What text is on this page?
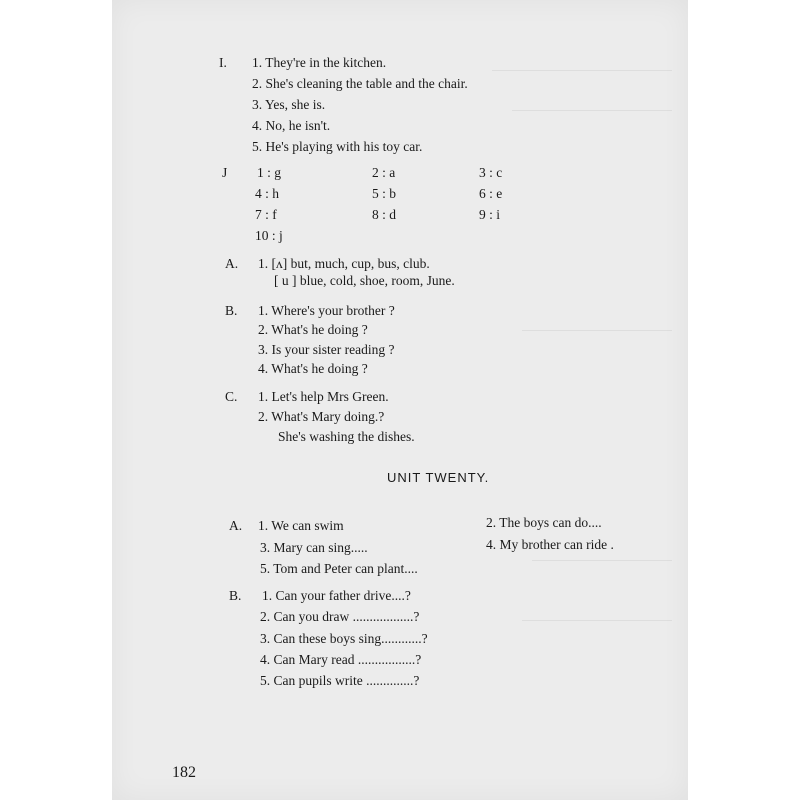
I. 1. They're in the kitchen.
2. She's cleaning the table and the chair.
3. Yes, she is.
4. No, he isn't.
5. He's playing with his toy car.
J 1 : g	2 : a	3 : c
4 : h	5 : b	6 : e
7 : f	8 : d	9 : i
10 : j
A. 1. [ʌ] but, much, cup, bus, club.
[ u ] blue, cold, shoe, room, June.
B. 1. Where's your brother ?
2. What's he doing ?
3. Is your sister reading ?
4. What's he doing ?
C. 1. Let's help Mrs Green.
2. What's Mary doing.?
She's washing the dishes.
UNIT TWENTY.
A. 1. We can swim	2. The boys can do....
3. Mary can sing.....	4. My brother can ride .
5. Tom and Peter can plant....
B. 1. Can your father drive....?
2. Can you draw ..................?
3. Can these boys sing............?
4. Can Mary read .................?
5. Can pupils write ..............?
182
